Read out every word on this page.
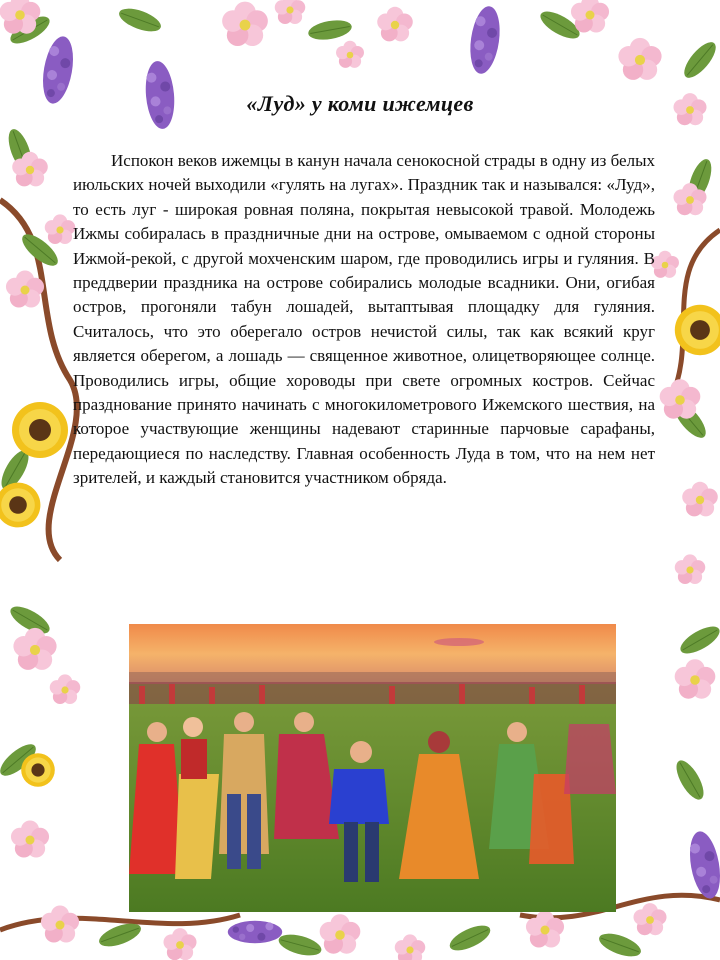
«Луд» у коми ижемцев

Испокон веков ижемцы в канун начала сенокосной страды в одну из белых июльских ночей выходили «гулять на лугах». Праздник так и назывался: «Луд», то есть луг - широкая ровная поляна, покрытая невысокой травой. Молодежь Ижмы собиралась в праздничные дни на острове, омываемом с одной стороны Ижмой-рекой, с другой мохченским шаром, где проводились игры и гуляния. В преддверии праздника на острове собирались молодые всадники. Они, огибая остров, прогоняли табун лошадей, вытаптывая площадку для гуляния. Считалось, что это оберегало остров нечистой силы, так как всякий круг является оберегом, а лошадь — священное животное, олицетворяющее солнце. Проводились игры, общие хороводы при свете огромных костров. Сейчас празднование принято начинать с многокилометрового Ижемского шествия, на которое участвующие женщины надевают старинные парчовые сарафаны, передающиеся по наследству. Главная особенность Луда в том, что на нем нет зрителей, и каждый становится участником обряда.
